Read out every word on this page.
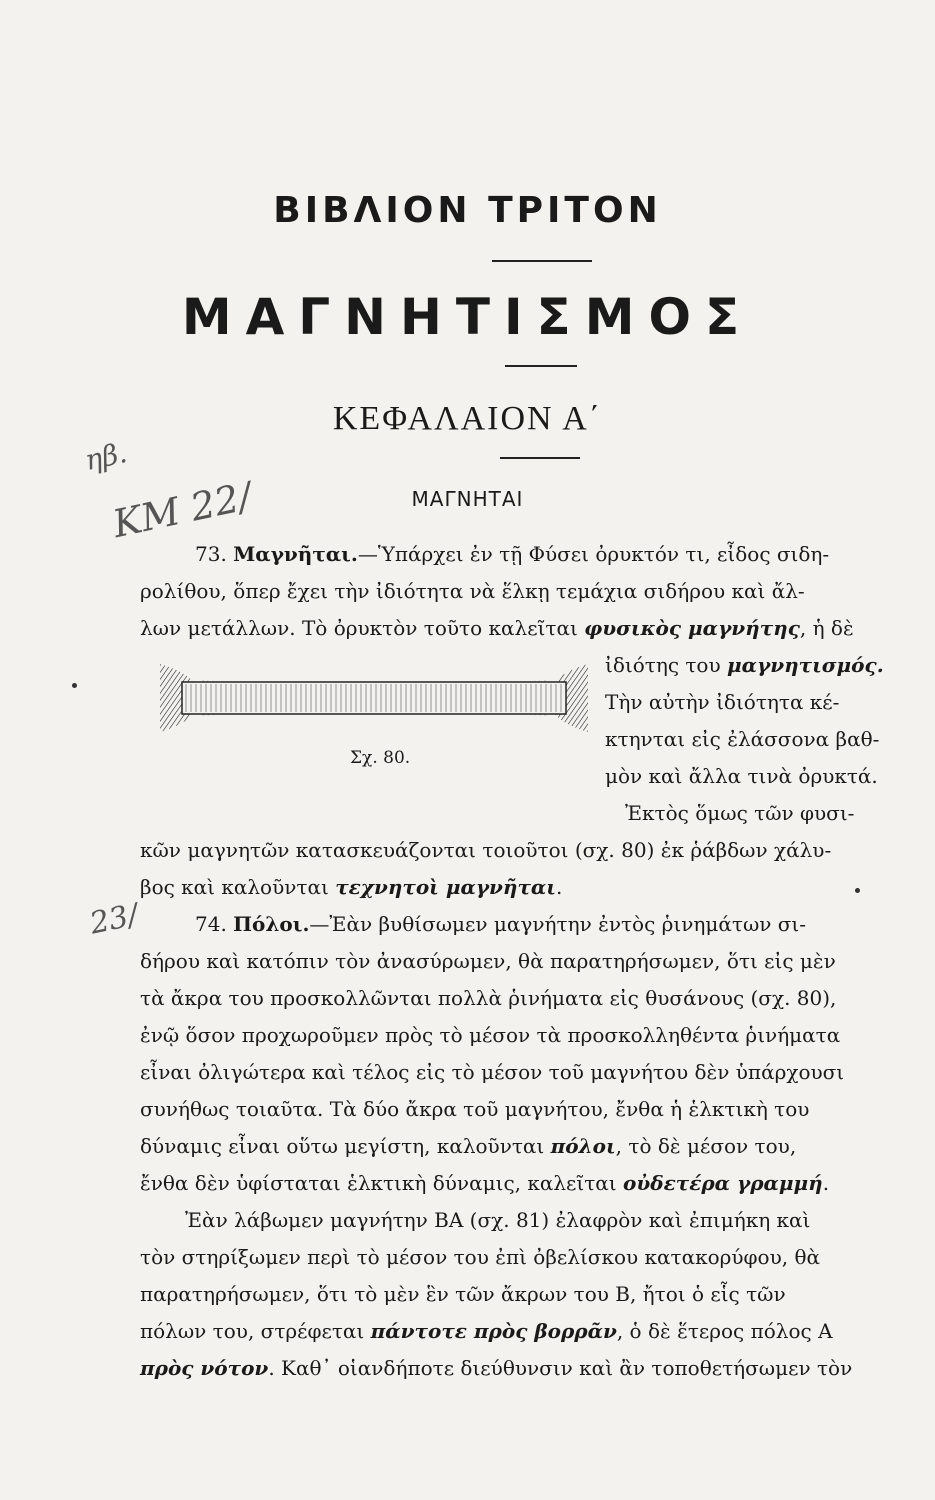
ΒΙΒΛΙΟΝ ΤΡΙΤΟΝ
ΜΑΓΝΗΤΙΣΜΟΣ
ΚΕΦΑΛΑΙΟΝ Α΄
ΜΑΓΝΗΤΑΙ
ηβ.
ΚΜ 22/
23/
73. Μαγνῆται.—Ὑπάρχει ἐν τῇ Φύσει ὀρυκτόν τι, εἶδος σιδη-
ρολίθου, ὅπερ ἔχει τὴν ἰδιότητα νὰ ἕλκῃ τεμάχια σιδήρου καὶ ἄλ-
λων μετάλλων. Τὸ ὀρυκτὸν τοῦτο καλεῖται φυσικὸς μαγνήτης, ἡ δὲ
ἰδιότης του μαγνητισμός.
Τὴν αὐτὴν ἰδιότητα κέ-
κτηνται εἰς ἐλάσσονα βαθ-
μὸν καὶ ἄλλα τινὰ ὀρυκτά.
Σχ. 80.
Ἐκτὸς ὅμως τῶν φυσι-
κῶν μαγνητῶν κατασκευάζονται τοιοῦτοι (σχ. 80) ἐκ ῥάβδων χάλυ-
βος καὶ καλοῦνται τεχνητοὶ μαγνῆται.
74. Πόλοι.—Ἐὰν βυθίσωμεν μαγνήτην ἐντὸς ῥινημάτων σι-
δήρου καὶ κατόπιν τὸν ἀνασύρωμεν, θὰ παρατηρήσωμεν, ὅτι εἰς μὲν
τὰ ἄκρα του προσκολλῶνται πολλὰ ῥινήματα εἰς θυσάνους (σχ. 80),
ἐνῷ ὅσον προχωροῦμεν πρὸς τὸ μέσον τὰ προσκολληθέντα ῥινήματα
εἶναι ὀλιγώτερα καὶ τέλος εἰς τὸ μέσον τοῦ μαγνήτου δὲν ὑπάρχουσι
συνήθως τοιαῦτα. Τὰ δύο ἄκρα τοῦ μαγνήτου, ἔνθα ἡ ἑλκτικὴ του
δύναμις εἶναι οὕτω μεγίστη, καλοῦνται πόλοι, τὸ δὲ μέσον του,
ἔνθα δὲν ὑφίσταται ἑλκτικὴ δύναμις, καλεῖται οὐδετέρα γραμμή.
Ἐὰν λάβωμεν μαγνήτην ΒΑ (σχ. 81) ἐλαφρὸν καὶ ἐπιμήκη καὶ
τὸν στηρίξωμεν περὶ τὸ μέσον του ἐπὶ ὀβελίσκου κατακορύφου, θὰ
παρατηρήσωμεν, ὅτι τὸ μὲν ἓν τῶν ἄκρων του Β, ἤτοι ὁ εἷς τῶν
πόλων του, στρέφεται πάντοτε πρὸς βορρᾶν, ὁ δὲ ἕτερος πόλος Α
πρὸς νότον. Καθ᾽ οἱανδήποτε διεύθυνσιν καὶ ἂν τοποθετήσωμεν τὸν
